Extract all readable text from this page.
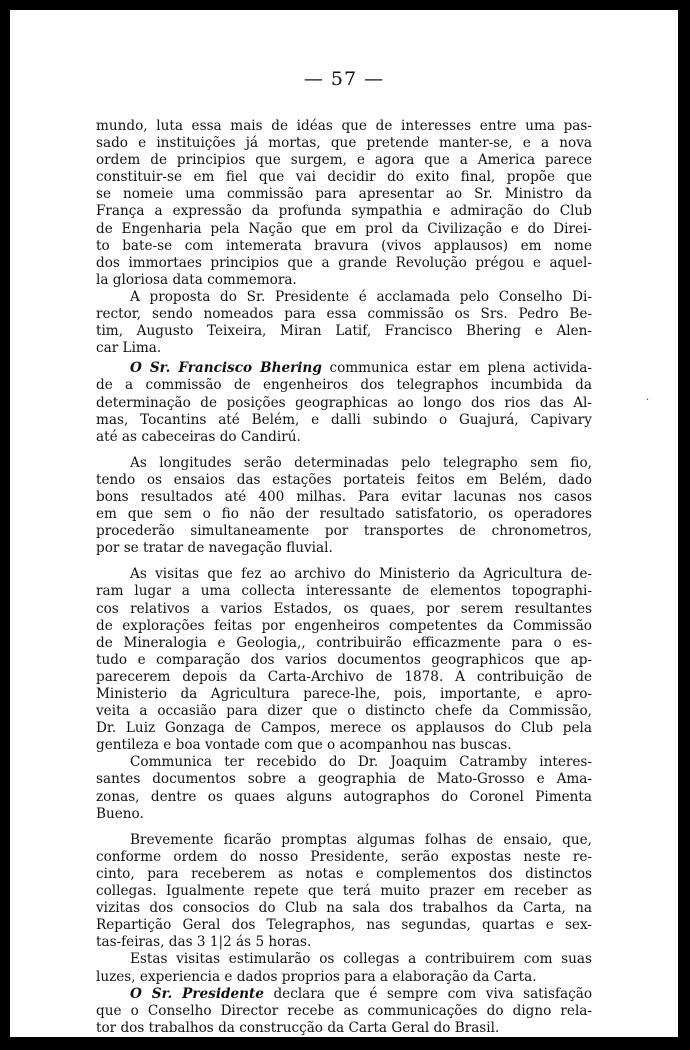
— 57 —
·
mundo, luta essa mais de idéas que de interesses entre uma pas-
sado e instituições já mortas, que pretende manter-se, e a nova
ordem de principios que surgem, e agora que a America parece
constituir-se em fiel que vai decidir do exito final, propõe que
se nomeie uma commissão para apresentar ao Sr. Ministro da
França a expressão da profunda sympathia e admiração do Club
de Engenharia pela Nação que em prol da Civilização e do Direi-
to bate-se com intemerata bravura (vivos applausos) em nome
dos immortaes principios que a grande Revolução prégou e aquel-
la gloriosa data commemora.
A proposta do Sr. Presidente é acclamada pelo Conselho Di-
rector, sendo nomeados para essa commissão os Srs. Pedro Be-
tim, Augusto Teixeira, Miran Latif, Francisco Bhering e Alen-
car Lima.
O Sr. Francisco Bhering communica estar em plena activida-
de a commissão de engenheiros dos telegraphos incumbida da
determinação de posições geographicas ao longo dos rios das Al-
mas, Tocantins até Belém, e dalli subindo o Guajurá, Capivary
até as cabeceiras do Candirú.
As longitudes serão determinadas pelo telegrapho sem fio,
tendo os ensaios das estações portateis feitos em Belém, dado
bons resultados até 400 milhas. Para evitar lacunas nos casos
em que sem o fio não der resultado satisfatorio, os operadores
procederão simultaneamente por transportes de chronometros,
por se tratar de navegação fluvial.
As visitas que fez ao archivo do Ministerio da Agricultura de-
ram lugar a uma collecta interessante de elementos topographi-
cos relativos a varios Estados, os quaes, por serem resultantes
de explorações feitas por engenheiros competentes da Commissão
de Mineralogia e Geologia,, contribuirão efficazmente para o es-
tudo e comparação dos varios documentos geographicos que ap-
parecerem depois da Carta-Archivo de 1878. A contribuição de
Ministerio da Agricultura parece-lhe, pois, importante, e apro-
veita a occasião para dizer que o distincto chefe da Commissão,
Dr. Luiz Gonzaga de Campos, merece os applausos do Club pela
gentileza e boa vontade com que o acompanhou nas buscas.
Communica ter recebido do Dr. Joaquim Catramby interes-
santes documentos sobre a geographia de Mato-Grosso e Ama-
zonas, dentre os quaes alguns autographos do Coronel Pimenta
Bueno.
Brevemente ficarão promptas algumas folhas de ensaio, que,
conforme ordem do nosso Presidente, serão expostas neste re-
cinto, para receberem as notas e complementos dos distinctos
collegas. Igualmente repete que terá muito prazer em receber as
vizitas dos consocios do Club na sala dos trabalhos da Carta, na
Repartição Geral dos Telegraphos, nas segundas, quartas e sex-
tas-feiras, das 3 1|2 ás 5 horas.
Estas visitas estimularão os collegas a contribuirem com suas
luzes, experiencia e dados proprios para a elaboração da Carta.
O Sr. Presidente declara que é sempre com viva satisfação
que o Conselho Director recebe as communicações do digno rela-
tor dos trabalhos da construcção da Carta Geral do Brasil.
